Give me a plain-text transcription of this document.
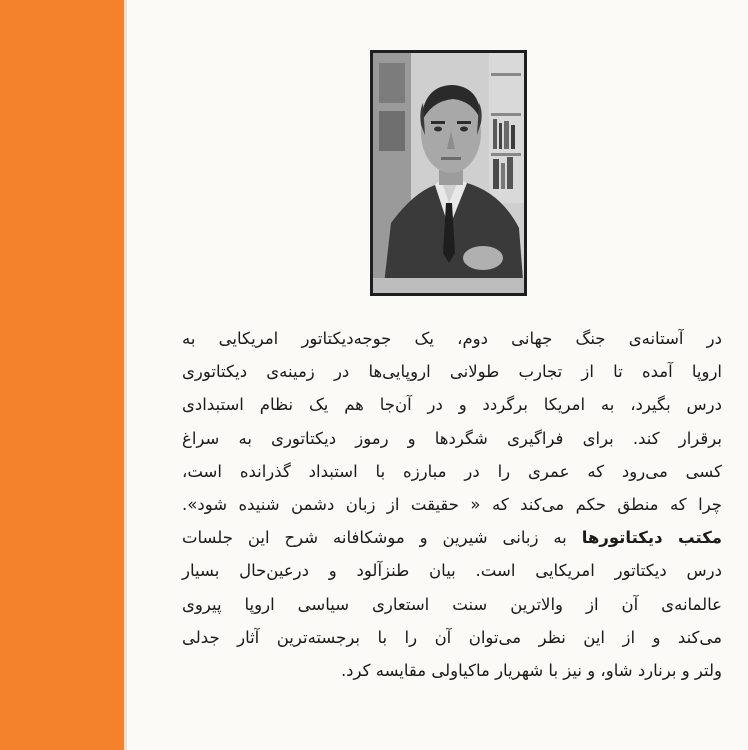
در آستانه‌ی جنگ جهانی دوم، یک جوجه‌دیکتاتور امریکایی به
اروپا آمده تا از تجارب طولانی اروپایی‌ها در زمینه‌ی دیکتاتوری
درس بگیرد، به امریکا برگردد و در آن‌جا هم یک نظام استبدادی
برقرار کند. برای فراگیری شگردها و رموز دیکتاتوری به سراغ
کسی می‌رود که عمری را در مبارزه با استبداد گذرانده است،
چرا که منطق حکم می‌کند که « حقیقت از زبان دشمن شنیده شود».
مکتب دیکتاتورها به زبانی شیرین و موشکافانه شرح این جلسات
درس دیکتاتور امریکایی است. بیان طنزآلود و درعین‌حال بسیار
عالمانه‌ی آن از والاترین سنت استعاری سیاسی اروپا پیروی
می‌کند و از این نظر می‌توان آن را با برجسته‌ترین آثار جدلی
ولتر و برنارد شاو، و نیز با شهریار ماکیاولی مقایسه کرد.
